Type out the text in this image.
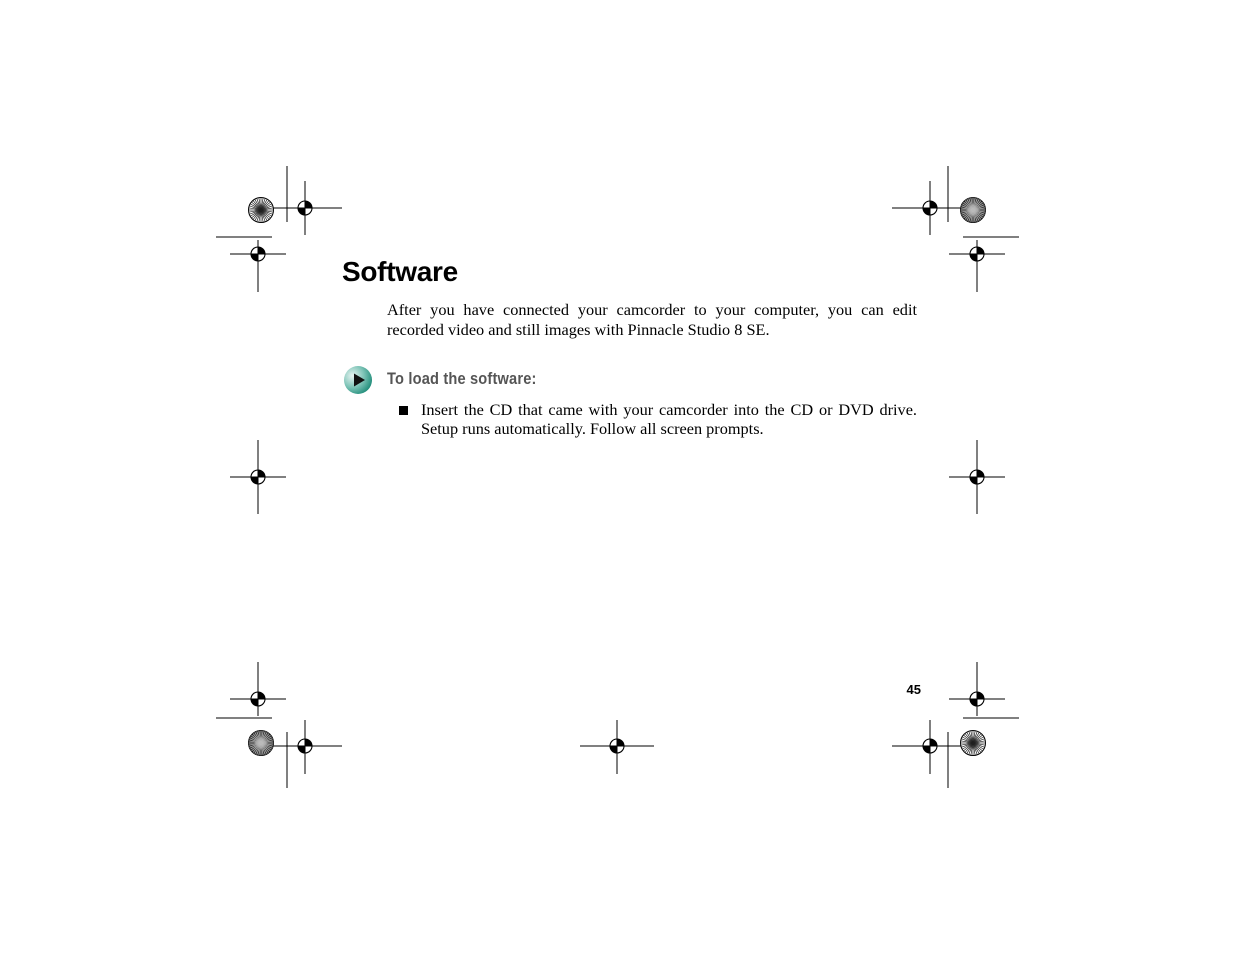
Software

After you have connected your camcorder to your computer, you can edit recorded video and still images with Pinnacle Studio 8 SE.

To load the software:
Insert the CD that came with your camcorder into the CD or DVD drive. Setup runs automatically. Follow all screen prompts.
45
